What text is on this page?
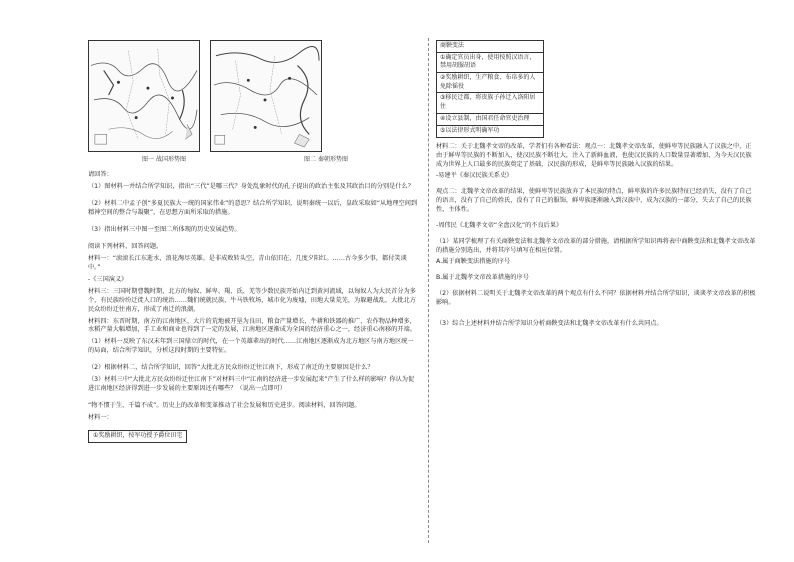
图一 战国形势图	图二 秦朝形势图

请回答：

（1）图材料一并结合所学知识，指出“三代”是哪三代？身处乱象时代的孔子提出的政治主张及其政治目的分别是什么？

（2）材料二中孟子创“多夏民族大一统的国家伟业”的意思？结合所学知识，说明秦统一以后，皇政采取如“从地理空间到精神空间的整合与凝聚”，在思想方面所采取的措施。

（3）指出材料三中图一至图二所体现的历史发展趋势。

阅读下列材料，回答问题。

材料一：“滚滚长江东逝水，浪花淘尽英雄。是非成败转头空，青山依旧在，几度夕阳红。……古今多少事，都付笑谈中。”

-《三国演义》

材料三：三国时期曹魏时期，北方的匈奴、鲜卑、羯、氐、羌等少数民族开始内迁到黄河流域，以匈奴人为大民首分为多个，有民族纷纷迁徙人口的统治……魏们统就民族，牛马铁牧场，城市化为废墟，田地大量荒芜，为躲避战乱，大批北方民众纷纷迁往南方，形成了南迁的浪潮。

材料四：东晋时期，南方的江南地区，大片的荒地被开垦为良田，粮食产量增长，牛耕和铁器的推广，农作物品种增多，水稻产量大幅增加，手工业和商业也得到了一定的发展，江南地区逐渐成为全国的经济重心之一，经济重心南移的开端。

（1）材料一反映了东汉末年到三国鼎立的时代，在一个英雄辈出的时代……江南地区逐渐成为北方地区与南方地区统一的局面，结合所学知识，分析这段时期的主要特征。

（2）根据材料二，结合所学知识，回答“大批北方民众纷纷迁往江南下，形成了南迁的主要原因是什么？

（3）材料三中“大批北方民众纷纷迁往江南下”对材料三中“江南的经济进一步发展起来”产生了什么样的影响？你认为促进江南地区经济得到进一步发展的主要原因还有哪些？（说出一点即可）

“物不惯于生，千篇不成”。历史上的改革和变革推动了社会发展和历史进步。阅读材料，回答问题。

材料一：

①奖励耕织，按军功授予爵位田宅
商鞅变法
①确定官员出身，使用按照汉语言，禁用胡服胡语
②奖励耕织，生产粮食、布帛多的人免除徭役
③移民迁都，将贵族子孙迁入洛阳居住
④设立县制，由国君任命官吏治理
⑤以法律形式明确军功

材料二：关于北魏孝文帝的改革，学者们有各种看法：观点一：北魏孝文帝改革，使鲜卑等民族融入了汉族之中，正由于鲜卑等民族的不断加入，使汉民族不断壮大，注入了新鲜血液，也使汉民族的人口数量显著增加，为今天汉民族成为世界上人口最多的民族奠定了基础，汉民族的形成，是鲜卑等民族融入汉族的结果。

-易建平《秦汉民族关系史》

观点二：北魏孝文帝改革的结果，使鲜卑等民族放弃了本民族的特点，鲜卑族的许多民族特征已经消失，没有了自己的语言，没有了自己的姓氏，没有了自己的服饰，鲜卑族逐渐融入到汉族中，成为汉族的一部分，失去了自己的民族性，主体性。

-周伟民《北魏孝文帝“全盘汉化”的不良后果》

（1）某同学梳理了有关商鞅变法和北魏孝文帝改革的部分措施，请根据所学知识再将表中商鞅变法和北魏孝文帝改革的措施分别选出，并将其序号填写在相应位置。

A.属于商鞅变法措施的序号

B.属于北魏孝文帝改革措施的序号

（2）依据材料二说明关于北魏孝文帝改革的两个观点有什么不同？依据材料并结合所学知识，谈谈孝文帝改革的积极影响。

（3）综合上述材料并结合所学知识分析商鞅变法和北魏孝文帝改革有什么共同点。
